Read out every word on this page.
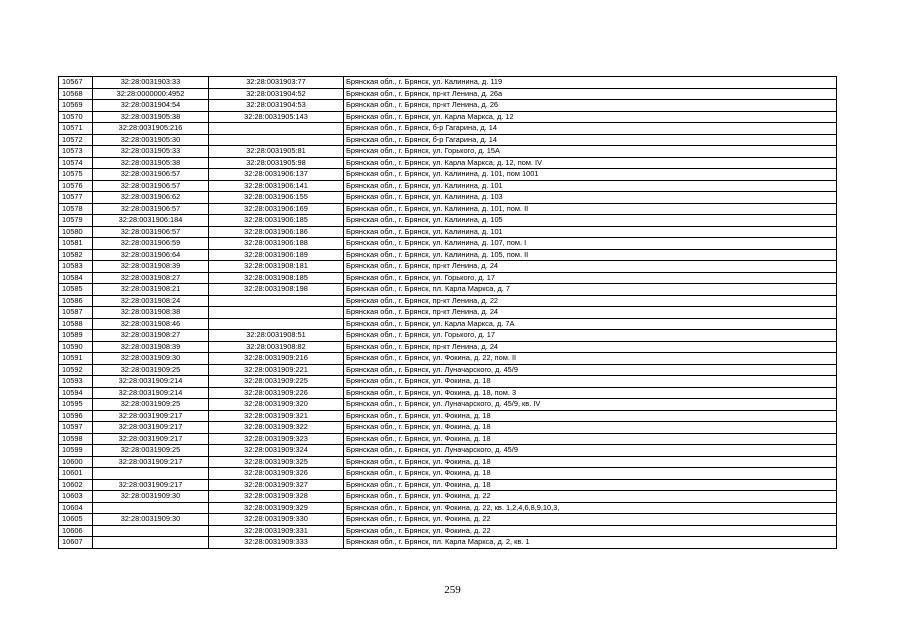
10567	32:28:0031903:33	32:28:0031903:77	Брянская обл., г. Брянск, ул. Калинина, д. 119
10568	32:28:0000000:4952	32:28:0031904:52	Брянская обл., г. Брянск, пр-кт Ленина, д. 26а
10569	32:28:0031904:54	32:28:0031904:53	Брянская обл., г. Брянск, пр-кт Ленина, д. 26
10570	32:28:0031905:38	32:28:0031905:143	Брянская обл., г. Брянск, ул. Карла Маркса, д. 12
10571	32:28:0031905:216		Брянская обл., г. Брянск, б-р Гагарина, д. 14
10572	32:28:0031905:30		Брянская обл., г. Брянск, б-р Гагарина, д. 14
10573	32:28:0031905:33	32:28:0031905:81	Брянская обл., г. Брянск, ул. Горького, д. 15А
10574	32:28:0031905:38	32:28:0031905:98	Брянская обл., г. Брянск, ул. Карла Маркса, д. 12, пом. IV
10575	32:28:0031906:57	32:28:0031906:137	Брянская обл., г. Брянск, ул. Калинина, д. 101, пом 1001
10576	32:28:0031906:57	32:28:0031906:141	Брянская обл., г. Брянск, ул. Калинина, д. 101
10577	32:28:0031906:62	32:28:0031906:155	Брянская обл., г. Брянск, ул. Калинина, д. 103
10578	32:28:0031906:57	32:28:0031906:169	Брянская обл., г. Брянск, ул. Калинина, д. 101, пом. II
10579	32:28:0031906:184	32:28:0031906:185	Брянская обл., г. Брянск, ул. Калинина, д. 105
10580	32:28:0031906:57	32:28:0031906:186	Брянская обл., г. Брянск, ул. Калинина, д. 101
10581	32:28:0031906:59	32:28:0031906:188	Брянская обл., г. Брянск, ул. Калинина, д. 107, пом. I
10582	32:28:0031906:64	32:28:0031906:189	Брянская обл., г. Брянск, ул. Калинина, д. 105, пом. II
10583	32:28:0031908:39	32:28:0031908:181	Брянская обл., г. Брянск, пр-кт Ленина, д. 24
10584	32:28:0031908:27	32:28:0031908:185	Брянская обл., г. Брянск, ул. Горького, д. 17
10585	32:28:0031908:21	32:28:0031908:198	Брянская обл., г. Брянск, пл. Карла Маркса, д. 7
10586	32:28:0031908:24		Брянская обл., г. Брянск, пр-кт Ленина, д. 22
10587	32:28:0031908:38		Брянская обл., г. Брянск, пр-кт Ленина, д. 24
10588	32:28:0031908:46		Брянская обл., г. Брянск, ул. Карла Маркса, д. 7А
10589	32:28:0031908:27	32:28:0031908:51	Брянская обл., г. Брянск, ул. Горького, д. 17
10590	32:28:0031908:39	32:28:0031908:82	Брянская обл., г. Брянск, пр-кт Ленина, д. 24
10591	32:28:0031909:30	32:28:0031909:216	Брянская обл., г. Брянск, ул. Фокина, д. 22, пом. II
10592	32:28:0031909:25	32:28:0031909:221	Брянская обл., г. Брянск, ул. Луначарского, д. 45/9
10593	32:28:0031909:214	32:28:0031909:225	Брянская обл., г. Брянск, ул. Фокина, д. 18
10594	32:28:0031909:214	32:28:0031909:226	Брянская обл., г. Брянск, ул. Фокина, д. 18, пом. 3
10595	32:28:0031909:25	32:28:0031909:320	Брянская обл., г. Брянск, ул. Луначарского, д. 45/9, кв. IV
10596	32:28:0031909:217	32:28:0031909:321	Брянская обл., г. Брянск, ул. Фокина, д. 18
10597	32:28:0031909:217	32:28:0031909:322	Брянская обл., г. Брянск, ул. Фокина, д. 18
10598	32:28:0031909:217	32:28:0031909:323	Брянская обл., г. Брянск, ул. Фокина, д. 18
10599	32:28:0031909:25	32:28:0031909:324	Брянская обл., г. Брянск, ул. Луначарского, д. 45/9
10600	32:28:0031909:217	32:28:0031909:325	Брянская обл., г. Брянск, ул. Фокина, д. 18
10601		32:28:0031909:326	Брянская обл., г. Брянск, ул. Фокина, д. 18
10602	32:28:0031909:217	32:28:0031909:327	Брянская обл., г. Брянск, ул. Фокина, д. 18
10603	32:28:0031909:30	32:28:0031909:328	Брянская обл., г. Брянск, ул. Фокина, д. 22
10604		32:28:0031909:329	Брянская обл., г. Брянск, ул. Фокина, д. 22, кв. 1,2,4,6,8,9,10,3,
10605	32:28:0031909:30	32:28:0031909:330	Брянская обл., г. Брянск, ул. Фокина, д. 22
10606		32:28:0031909:331	Брянская обл., г. Брянск, ул. Фокина, д. 22
10607		32:28:0031909:333	Брянская обл., г. Брянск, пл. Карла Маркса, д. 2, кв. 1
259
